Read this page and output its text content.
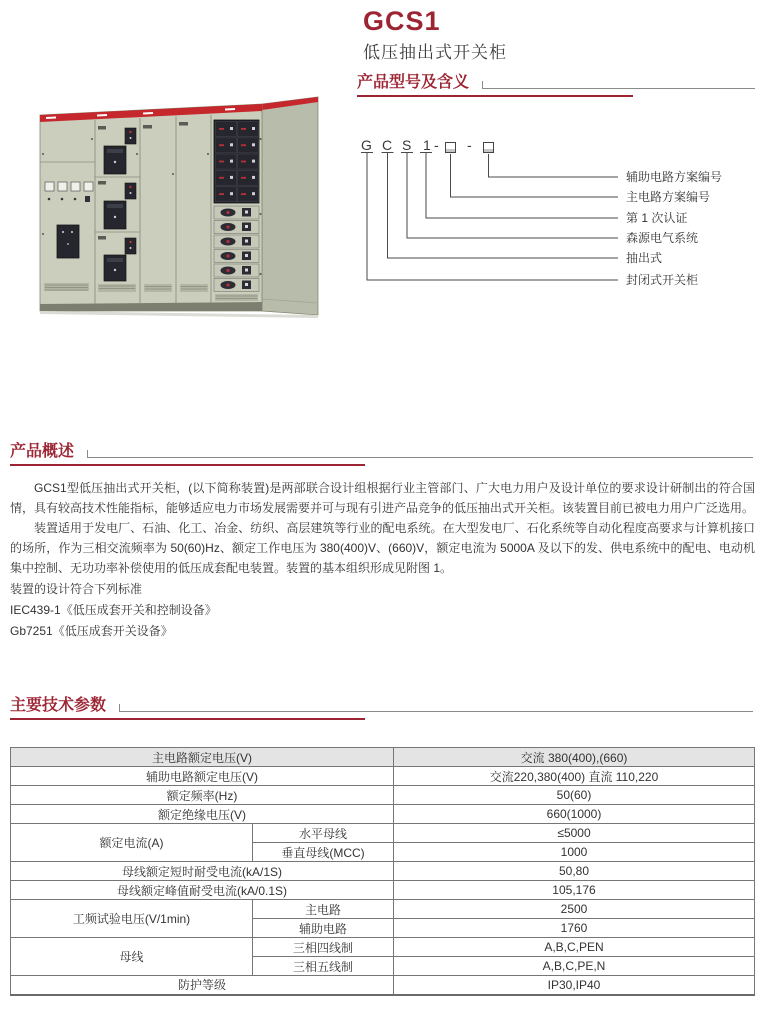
GCS1
低压抽出式开关柜
产品型号及含义
G C S 1 - -
辅助电路方案编号
主电路方案编号
第 1 次认证
森源电气系统
抽出式
封闭式开关柜
产品概述

GCS1型低压抽出式开关柜，(以下简称装置)是两部联合设计组根据行业主管部门、广大电力用户及设计单位的要求设计研制出的符合国情，具有较高技术性能指标，能够适应电力市场发展需要并可与现有引进产品竞争的低压抽出式开关柜。该装置目前已被电力用户广泛选用。

装置适用于发电厂、石油、化工、冶金、纺织、高层建筑等行业的配电系统。在大型发电厂、石化系统等自动化程度高要求与计算机接口的场所，作为三相交流频率为 50(60)Hz、额定工作电压为 380(400)V、(660)V，额定电流为 5000A 及以下的发、供电系统中的配电、电动机集中控制、无功功率补偿使用的低压成套配电装置。装置的基本组织形成见附图 1。

装置的设计符合下列标准
IEC439-1《低压成套开关和控制设备》
Gb7251《低压成套开关设备》
主要技术参数
主电路额定电压(V)		交流 380(400),(660)
辅助电路额定电压(V)		交流220,380(400) 直流 110,220
额定频率(Hz)		50(60)
额定绝缘电压(V)		660(1000)
额定电流(A)	水平母线	≤5000
	垂直母线(MCC)	1000
母线额定短时耐受电流(kA/1S)		50,80
母线额定峰值耐受电流(kA/0.1S)		105,176
工频试验电压(V/1min)	主电路	2500
	辅助电路	1760
母线	三相四线制	A,B,C,PEN
	三相五线制	A,B,C,PE,N
防护等级		IP30,IP40
